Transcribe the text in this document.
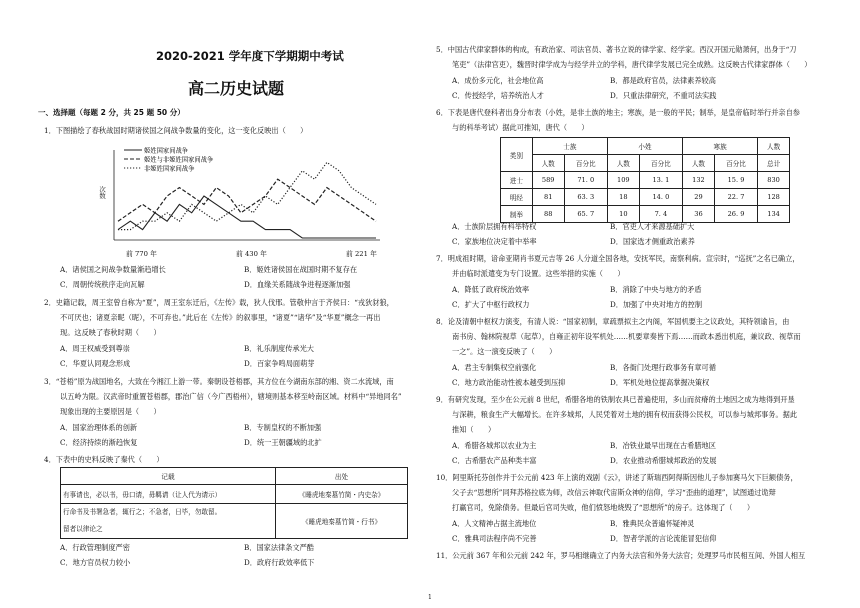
2020-2021 学年度下学期期中考试
高二历史试题
一、选择题（每题 2 分，共 25 题 50 分）
1．下图描绘了春秋战国时期诸侯国之间战争数量的变化，这一变化反映出（　　）
姬姓国家间战争
姬姓与非姬姓国家间战争
非姬姓国家间战争
次数
前 770 年	前 430 年	前 221 年
A．诸侯国之间战争数量渐趋增长	B．姬姓诸侯国在战国时期不复存在
C．周朝传统秩序走向瓦解	D．血缘关系随战争进程逐渐加强
2．史籍记载，周王室曾自称为“夏”，周王室东迁后，《左传》载，狄人伐邢。管敬仲言于齐侯曰：“戎狄豺狼，
不可厌也；诸夏亲昵（昵），不可弃也。”此后在《左传》的叙事里，“诸夏”“诸华”及“华夏”概念一再出
现。这反映了春秋时期（　　）
A．周王权威受到尊崇	B．礼乐制度传承光大
C．华夏认同观念形成	D．百家争鸣局面萌芽
3．“苍梧”原为战国地名，大致在今湘江上游一带。秦朝设苍梧郡，其方位在今湖南东部的湘、资二水流域，南
以五岭为限。汉武帝时重置苍梧郡，郡治广信（今广西梧州），辖境则基本移至岭南区域。材料中“异地同名”
现象出现的主要原因是（　　）
A．国家治理体系的创新	B．专制皇权的不断加强
C．经济持续的渐趋恢复	D．统一王朝疆域的北扩
4．下表中的史料反映了秦代（　　）
记载	出处
有事请也，必以书，毋口请，毋羁请（让人代为请示）	《睡虎地秦墓竹简・内史杂》
行命书及书署急者，辄行之；不急者，日毕，勿敢留。
留者以律论之	《睡虎地秦墓竹简・行书》
A．行政管理制度严密	B．国家法律条文严酷
C．地方官员权力较小	D．政府行政效率低下
5．中国古代律家群体的构成，有政治家、司法官员、著书立说的律学家、经学家。西汉开国元勋萧何，出身于“刀
笔吏”（法律官吏），魏晋时律学成为与经学并立的学科，唐代律学发展已完全成熟。这反映古代律家群体（　　）
A．成份多元化，社会地位高	B．都是政府官员，法律素养较高
C．传授经学，培养统治人才	D．只重法律研究，不重司法实践
6．下表是唐代登科者出身分布表（小姓，是非土族的地主；寒族，是一般的平民；制举，是皇帝临时举行并亲自参
与的科举考试）据此可推知，唐代（　　）
类别	士族		小姓		寒族		人数
	人数	百分比	人数	百分比	人数	百分比	总计
进士	589	71. 0	109	13. 1	132	15. 9	830
明经	81	63. 3	18	14. 0	29	22. 7	128
制举	88	65. 7	10	7. 4	36	26. 9	134
A．士族阶层拥有科举特权	B．官吏人才来源基础扩大
C．家族地位决定着中举率	D．国家选才侧重政治素养
7．明成祖时期，谙命亚期肖书夏元吉等 26 人分道全国各地，安抚军民，南察利病。宣宗时，“巡抚”之名已确立，
并由临时派遣变为专门设置。这些举措的实施（　　）
A．降低了政府统治效率	B．消除了中央与地方的矛盾
C．扩大了中枢行政权力	D．加强了中央对地方的控制
8．论及清朝中枢权力演变，有清人说：“国家初制，章疏票拟主之内阁，军国机要主之议政处，其特领谕旨，由
南书房、翰林院视草（起草），自雍正初年设军机处……机要章奏皆下焉……而政本悉出机庭，兼议政、视草而
一之”。这一演变反映了（　　）
A．君主专制集权空前强化	B．各衙门处理行政事务有章可循
C．地方政治能动性被本越受到压抑	D．军机处地位提高掌握决策权
9．有研究发现，至少在公元前 8 世纪，希腊各地的铁制农具已普遍使用，多山而贫瘠的土地因之成为地得到开垦
与深耕，粮食生产大幅增长。在许多城邦，人民凭着对土地的拥有权而获得公民权，可以参与城邦事务。据此
推知（　　）
A．希腊各城邦以农业为主	B．冶铁业最早出现在古希腊地区
C．古希腊农产品种类丰富	D．农业推动希腊城邦政治的发展
10．阿里斯托芬创作并于公元前 423 年上演的戏剧《云》，讲述了斯瑞西阿得斯因他儿子参加赛马欠下巨额债务，
父子去“思想所”同拜苏格拉底为师，改信云神取代宙斯众神的信仰，学习“歪曲的道理”，试图通过诡辩
打赢官司，免除债务。但最后官司失败，他们愤怒地烧毁了“思想所”的房子。这体现了（　　）
A．人文精神占据主流地位	B．雅典民众普遍怀疑神灵
C．雅典司法程序尚不完善	D．智者学派的言论流能冒犯信仰
11．公元前 367 年和公元前 242 年，罗马相继确立了内务大法官和外务大法官；处理罗马市民相互间、外国人相互
1
